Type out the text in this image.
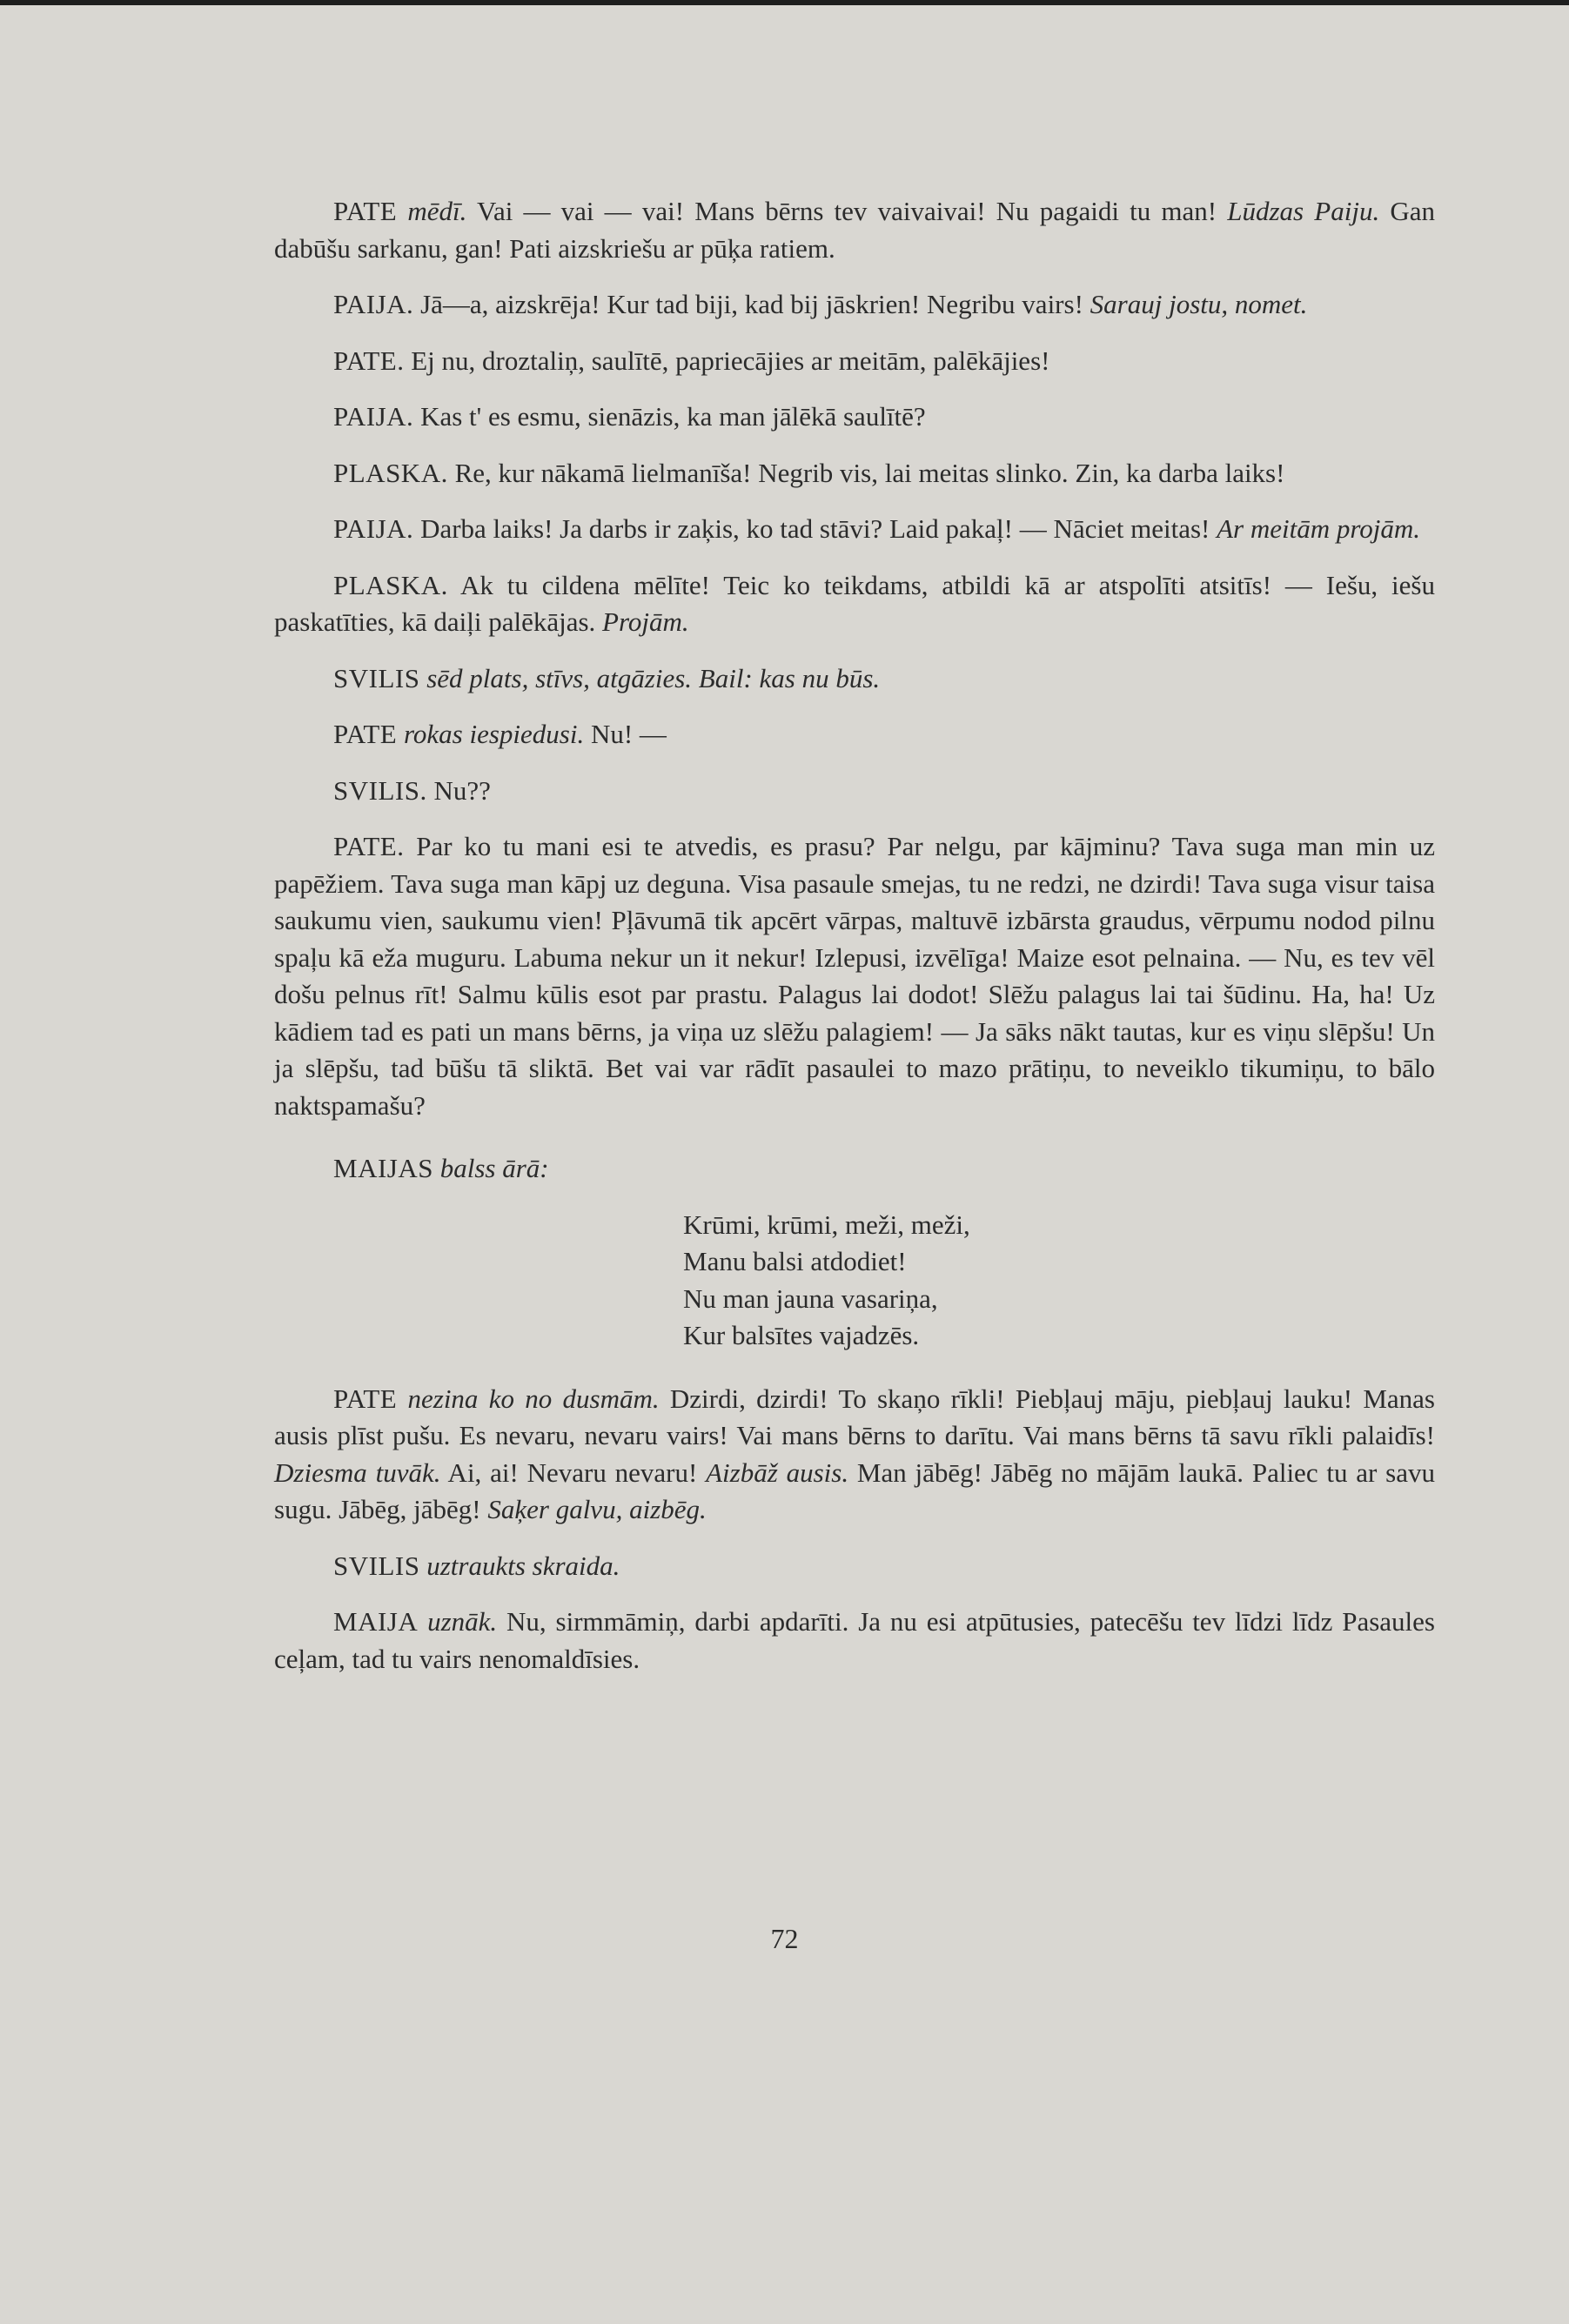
PATE mēdī. Vai — vai — vai! Mans bērns tev vaivaivai! Nu pagaidi tu man! Lūdzas Paiju. Gan dabūšu sarkanu, gan! Pati aizskriešu ar pūķa ratiem.

PAIJA. Jā—a, aizskrēja! Kur tad biji, kad bij jāskrien! Negribu vairs! Sarauj jostu, nomet.

PATE. Ej nu, droztaliņ, saulītē, papriecājies ar meitām, palēkājies!

PAIJA. Kas t' es esmu, sienāzis, ka man jālēkā saulītē?

PLASKA. Re, kur nākamā lielmanīša! Negrib vis, lai meitas slinko. Zin, ka darba laiks!

PAIJA. Darba laiks! Ja darbs ir zaķis, ko tad stāvi? Laid pakaļ! — Nāciet meitas! Ar meitām projām.

PLASKA. Ak tu cildena mēlīte! Teic ko teikdams, atbildi kā ar atspolīti atsitīs! — Iešu, iešu paskatīties, kā daiļi palēkājas. Projām.

SVILIS sēd plats, stīvs, atgāzies. Bail: kas nu būs.

PATE rokas iespiedusi. Nu! —

SVILIS. Nu??

PATE. Par ko tu mani esi te atvedis, es prasu? Par nelgu, par kājminu? Tava suga man min uz papēžiem. Tava suga man kāpj uz deguna. Visa pasaule smejas, tu ne redzi, ne dzirdi! Tava suga visur taisa saukumu vien, saukumu vien! Pļāvumā tik apcērt vārpas, maltuvē izbārsta graudus, vērpumu nodod pilnu spaļu kā eža muguru. Labuma nekur un it nekur! Izlepusi, izvēlīga! Maize esot pelnaina. — Nu, es tev vēl došu pelnus rīt! Salmu kūlis esot par prastu. Palagus lai dodot! Slēžu palagus lai tai šūdinu. Ha, ha! Uz kādiem tad es pati un mans bērns, ja viņa uz slēžu palagiem! — Ja sāks nākt tautas, kur es viņu slēpšu! Un ja slēpšu, tad būšu tā sliktā. Bet vai var rādīt pasaulei to mazo prātiņu, to neveiklo tikumiņu, to bālo naktspamašu?

MAIJAS balss ārā:

Krūmi, krūmi, meži, meži,
Manu balsi atdodiet!
Nu man jauna vasariņa,
Kur balsītes vajadzēs.

PATE nezina ko no dusmām. Dzirdi, dzirdi! To skaņo rīkli! Piebļauj māju, piebļauj lauku! Manas ausis plīst pušu. Es nevaru, nevaru vairs! Vai mans bērns to darītu. Vai mans bērns tā savu rīkli palaidīs! Dziesma tuvāk. Ai, ai! Nevaru nevaru! Aizbāž ausis. Man jābēg! Jābēg no mājām laukā. Paliec tu ar savu sugu. Jābēg, jābēg! Saķer galvu, aizbēg.

SVILIS uztraukts skraida.

MAIJA uznāk. Nu, sirmmāmiņ, darbi apdarīti. Ja nu esi atpūtusies, patecēšu tev līdzi līdz Pasaules ceļam, tad tu vairs nenomaldīsies.

72
